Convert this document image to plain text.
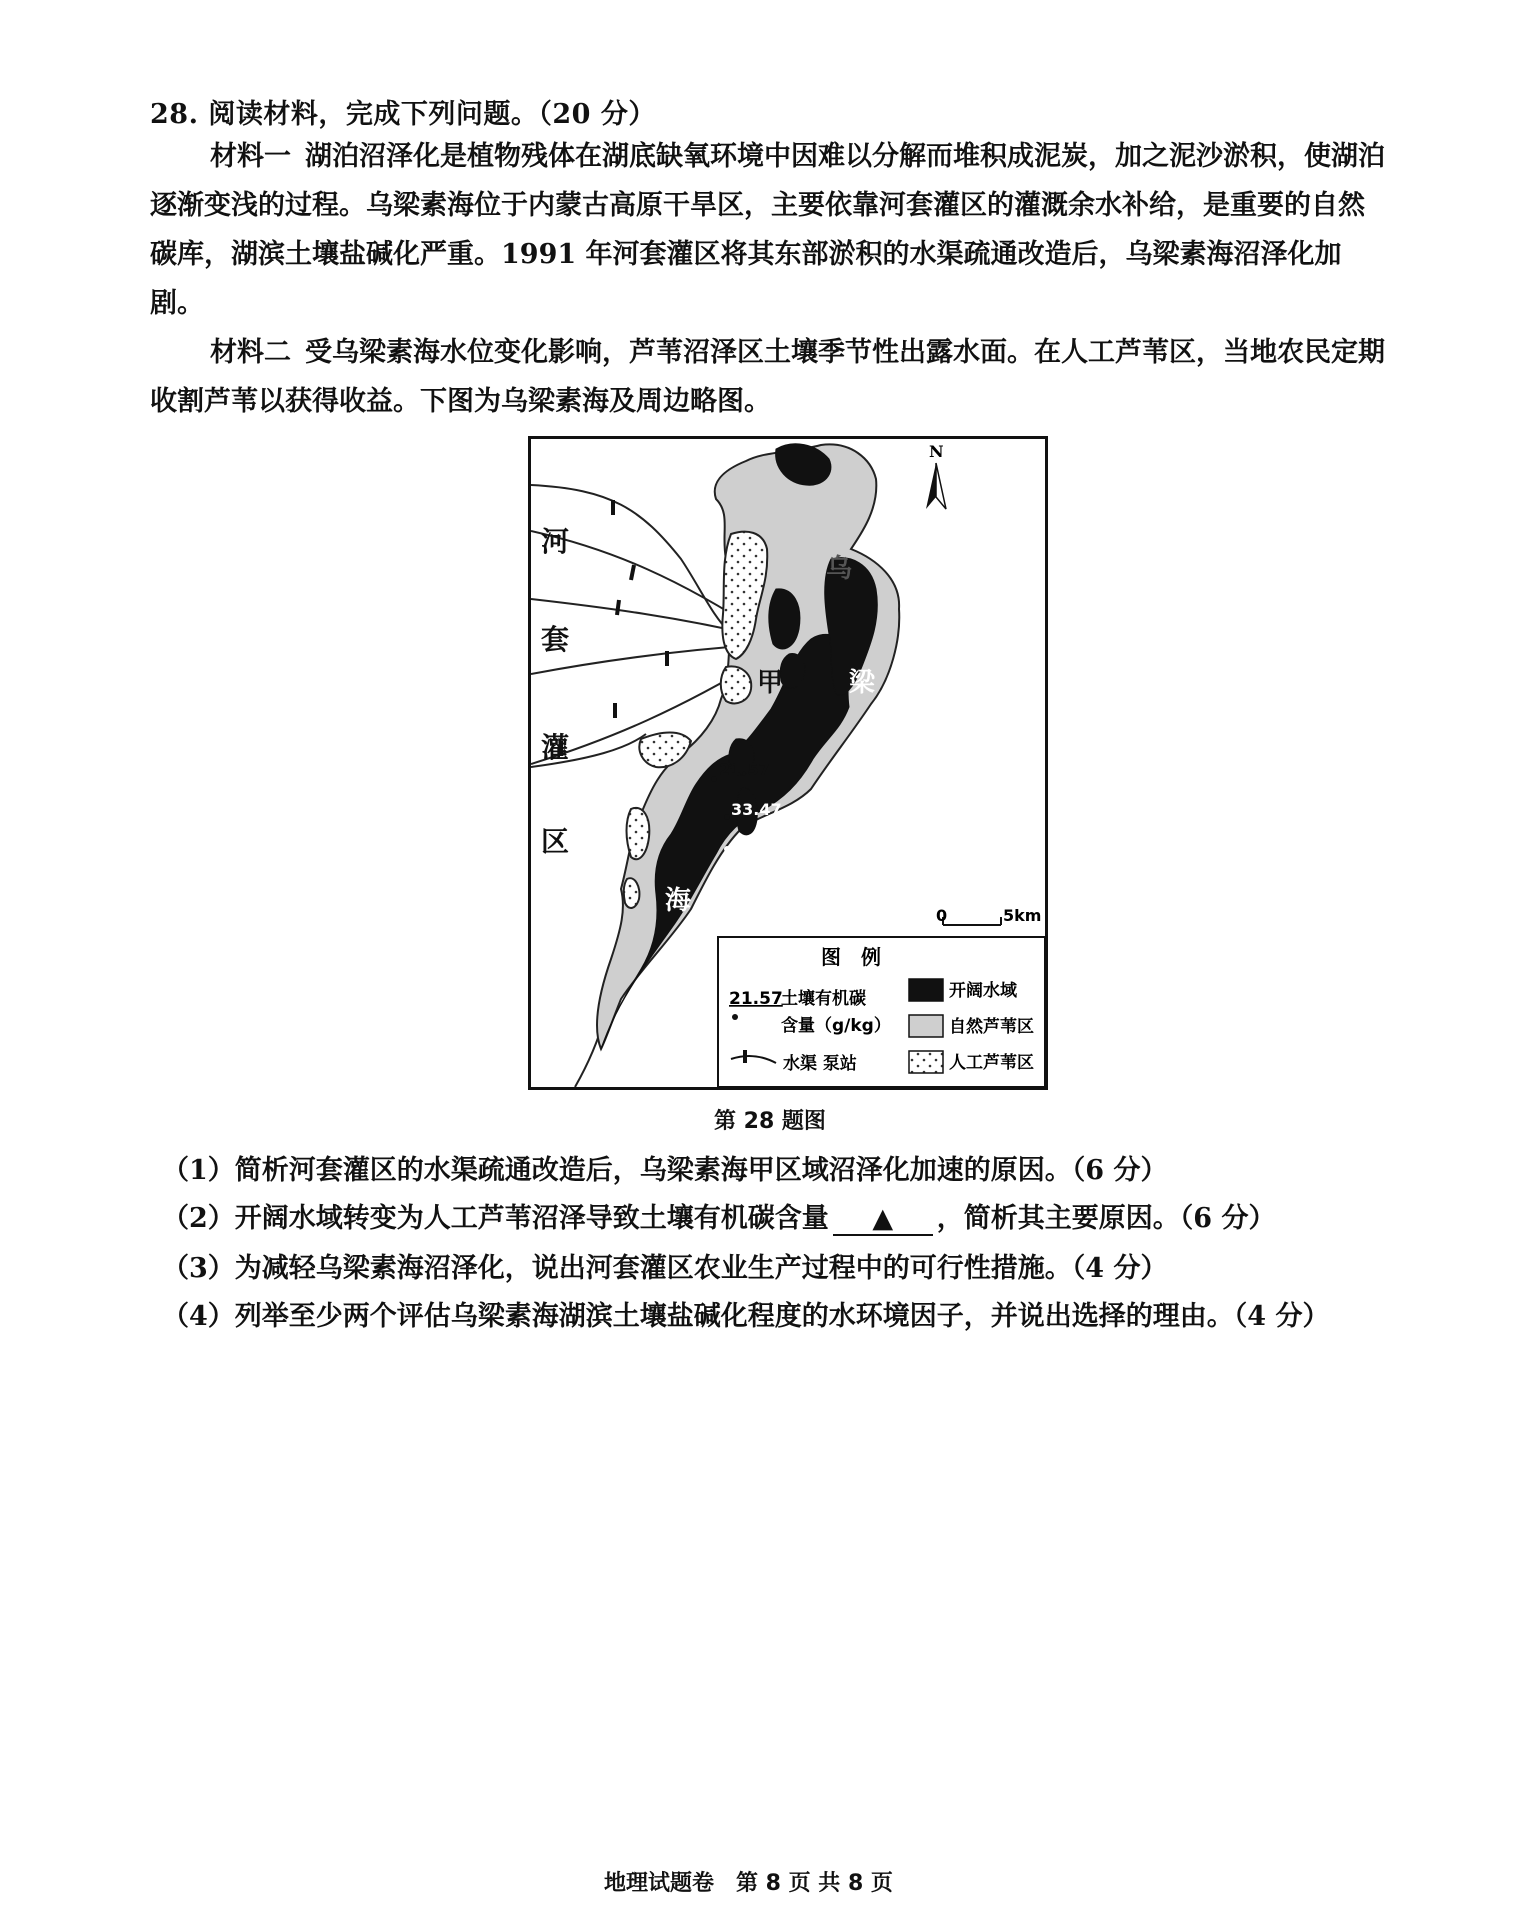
28. 阅读材料，完成下列问题。（20 分）
材料一 湖泊沼泽化是植物残体在湖底缺氧环境中因难以分解而堆积成泥炭，加之泥沙淤积，使湖泊逐渐变浅的过程。乌梁素海位于内蒙古高原干旱区，主要依靠河套灌区的灌溉余水补给，是重要的自然碳库，湖滨土壤盐碱化严重。1991 年河套灌区将其东部淤积的水渠疏通改造后，乌梁素海沼泽化加剧。
材料二 受乌梁素海水位变化影响，芦苇沼泽区土壤季节性出露水面。在人工芦苇区，当地农民定期收割芦苇以获得收益。下图为乌梁素海及周边略图。
N
河
套
灌
区
乌
梁
素
海
甲
21.57
33.47
39.47
0	5km
图　例
21.57
土壤有机碳
含量（g/kg）
水渠 泵站
开阔水域
自然芦苇区
人工芦苇区
第 28 题图
（1）简析河套灌区的水渠疏通改造后，乌梁素海甲区域沼泽化加速的原因。（6 分）
（2）开阔水域转变为人工芦苇沼泽导致土壤有机碳含量 ▲ ，简析其主要原因。（6 分）
（3）为减轻乌梁素海沼泽化，说出河套灌区农业生产过程中的可行性措施。（4 分）
（4）列举至少两个评估乌梁素海湖滨土壤盐碱化程度的水环境因子，并说出选择的理由。（4 分）
地理试题卷　第 8 页 共 8 页
